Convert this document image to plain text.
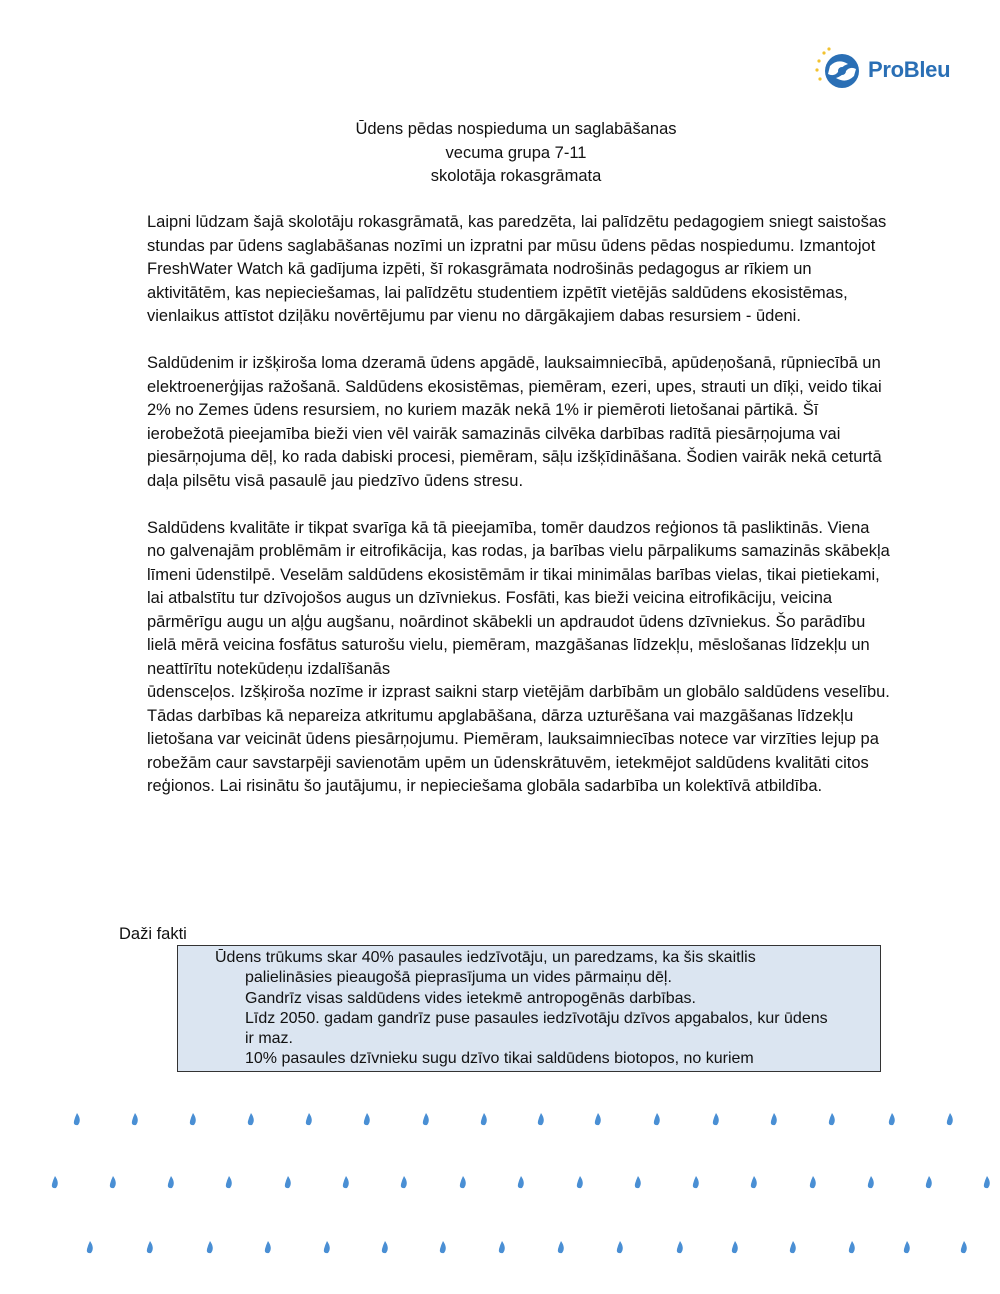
ProBleu
Ūdens pēdas nospieduma un saglabāšanas
vecuma grupa 7-11
skolotāja rokasgrāmata

Laipni lūdzam šajā skolotāju rokasgrāmatā, kas paredzēta, lai palīdzētu pedagogiem sniegt saistošas stundas par ūdens saglabāšanas nozīmi un izpratni par mūsu ūdens pēdas nospiedumu. Izmantojot FreshWater Watch kā gadījuma izpēti, šī rokasgrāmata nodrošinās pedagogus ar rīkiem un aktivitātēm, kas nepieciešamas, lai palīdzētu studentiem izpētīt vietējās saldūdens ekosistēmas, vienlaikus attīstot dziļāku novērtējumu par vienu no dārgākajiem dabas resursiem - ūdeni.

Saldūdenim ir izšķiroša loma dzeramā ūdens apgādē, lauksaimniecībā, apūdeņošanā, rūpniecībā un elektroenerģijas ražošanā. Saldūdens ekosistēmas, piemēram, ezeri, upes, strauti un dīķi, veido tikai 2% no Zemes ūdens resursiem, no kuriem mazāk nekā 1% ir piemēroti lietošanai pārtikā. Šī ierobežotā pieejamība bieži vien vēl vairāk samazinās cilvēka darbības radītā piesārņojuma vai piesārņojuma dēļ, ko rada dabiski procesi, piemēram, sāļu izšķīdināšana. Šodien vairāk nekā ceturtā daļa pilsētu visā pasaulē jau piedzīvo ūdens stresu.

Saldūdens kvalitāte ir tikpat svarīga kā tā pieejamība, tomēr daudzos reģionos tā pasliktinās. Viena no galvenajām problēmām ir eitrofikācija, kas rodas, ja barības vielu pārpalikums samazinās skābekļa līmeni ūdenstilpē. Veselām saldūdens ekosistēmām ir tikai minimālas barības vielas, tikai pietiekami, lai atbalstītu tur dzīvojošos augus un dzīvniekus. Fosfāti, kas bieži veicina eitrofikāciju, veicina pārmērīgu augu un aļģu augšanu, noārdinot skābekli un apdraudot ūdens dzīvniekus. Šo parādību lielā mērā veicina fosfātus saturošu vielu, piemēram, mazgāšanas līdzekļu, mēslošanas līdzekļu un neattīrītu notekūdeņu izdalīšanās
ūdensceļos. Izšķiroša nozīme ir izprast saikni starp vietējām darbībām un globālo saldūdens veselību. Tādas darbības kā nepareiza atkritumu apglabāšana, dārza uzturēšana vai mazgāšanas līdzekļu lietošana var veicināt ūdens piesārņojumu. Piemēram, lauksaimniecības notece var virzīties lejup pa robežām caur savstarpēji savienotām upēm un ūdenskrātuvēm, ietekmējot saldūdens kvalitāti citos reģionos. Lai risinātu šo jautājumu, ir nepieciešama globāla sadarbība un kolektīvā atbildība.
Daži fakti
Ūdens trūkums skar 40% pasaules iedzīvotāju, un paredzams, ka šis skaitlis
palielināsies pieaugošā pieprasījuma un vides pārmaiņu dēļ.
Gandrīz visas saldūdens vides ietekmē antropogēnās darbības.
Līdz 2050. gadam gandrīz puse pasaules iedzīvotāju dzīvos apgabalos, kur ūdens ir maz.
10% pasaules dzīvnieku sugu dzīvo tikai saldūdens biotopos, no kuriem
